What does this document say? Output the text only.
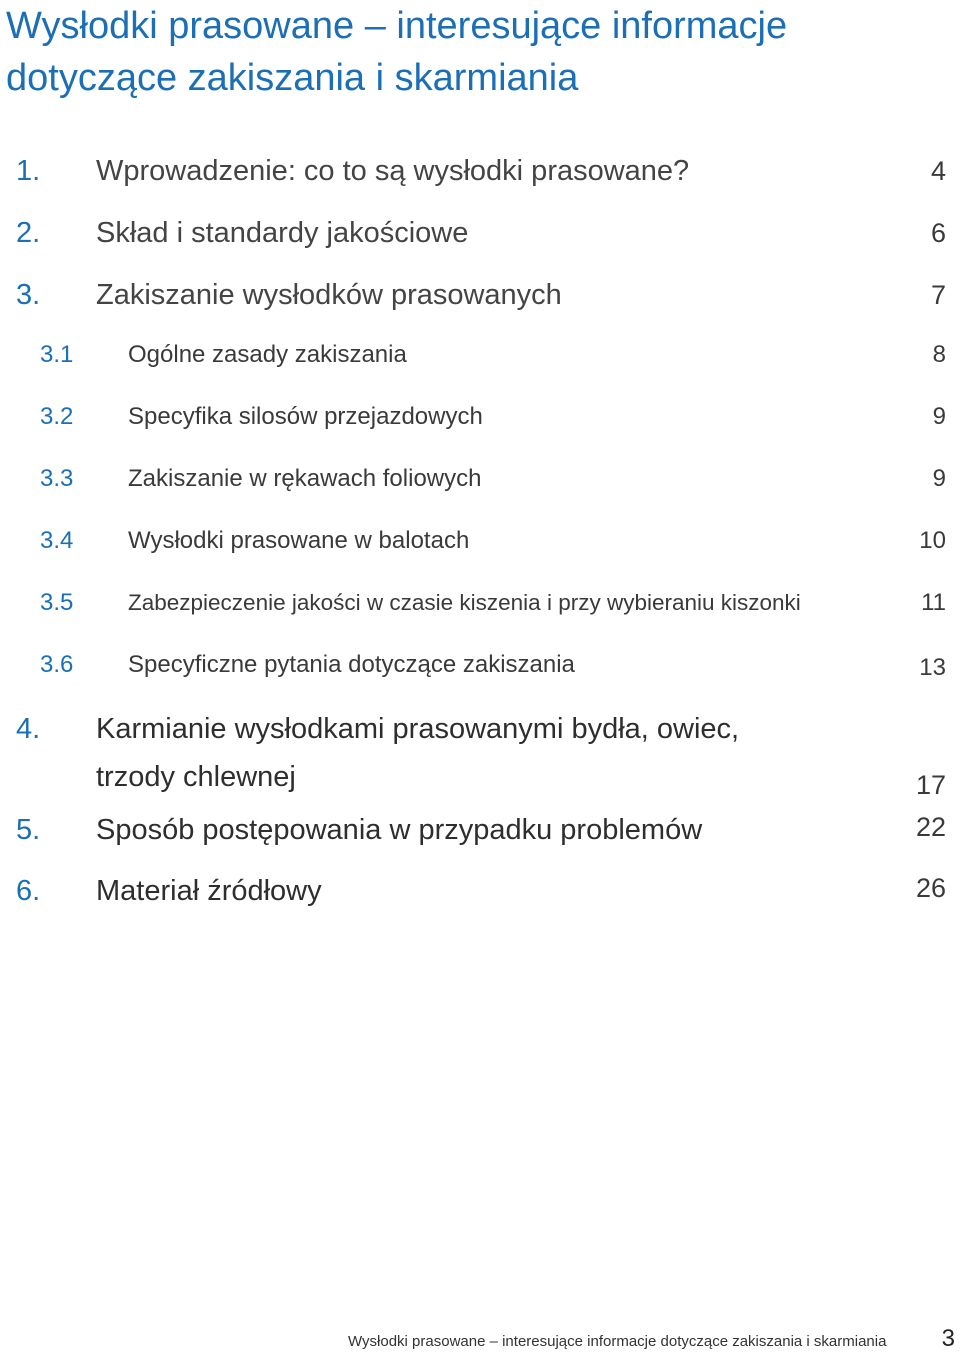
Wysłodki prasowane – interesujące informacje dotyczące zakiszania i skarmiania
1. Wprowadzenie: co to są wysłodki prasowane?	4
2. Skład i standardy jakościowe	6
3. Zakiszanie wysłodków prasowanych	7
3.1 Ogólne zasady zakiszania	8
3.2 Specyfika silosów przejazdowych	9
3.3 Zakiszanie w rękawach foliowych	9
3.4 Wysłodki prasowane w balotach	10
3.5 Zabezpieczenie jakości w czasie kiszenia i przy wybieraniu kiszonki	11
3.6 Specyficzne pytania dotyczące zakiszania	13
4. Karmianie wysłodkami prasowanymi bydła, owiec,
trzody chlewnej	17
5. Sposób postępowania w przypadku problemów	22
6. Materiał źródłowy	26
Wysłodki prasowane – interesujące informacje dotyczące zakiszania i skarmiania 3
